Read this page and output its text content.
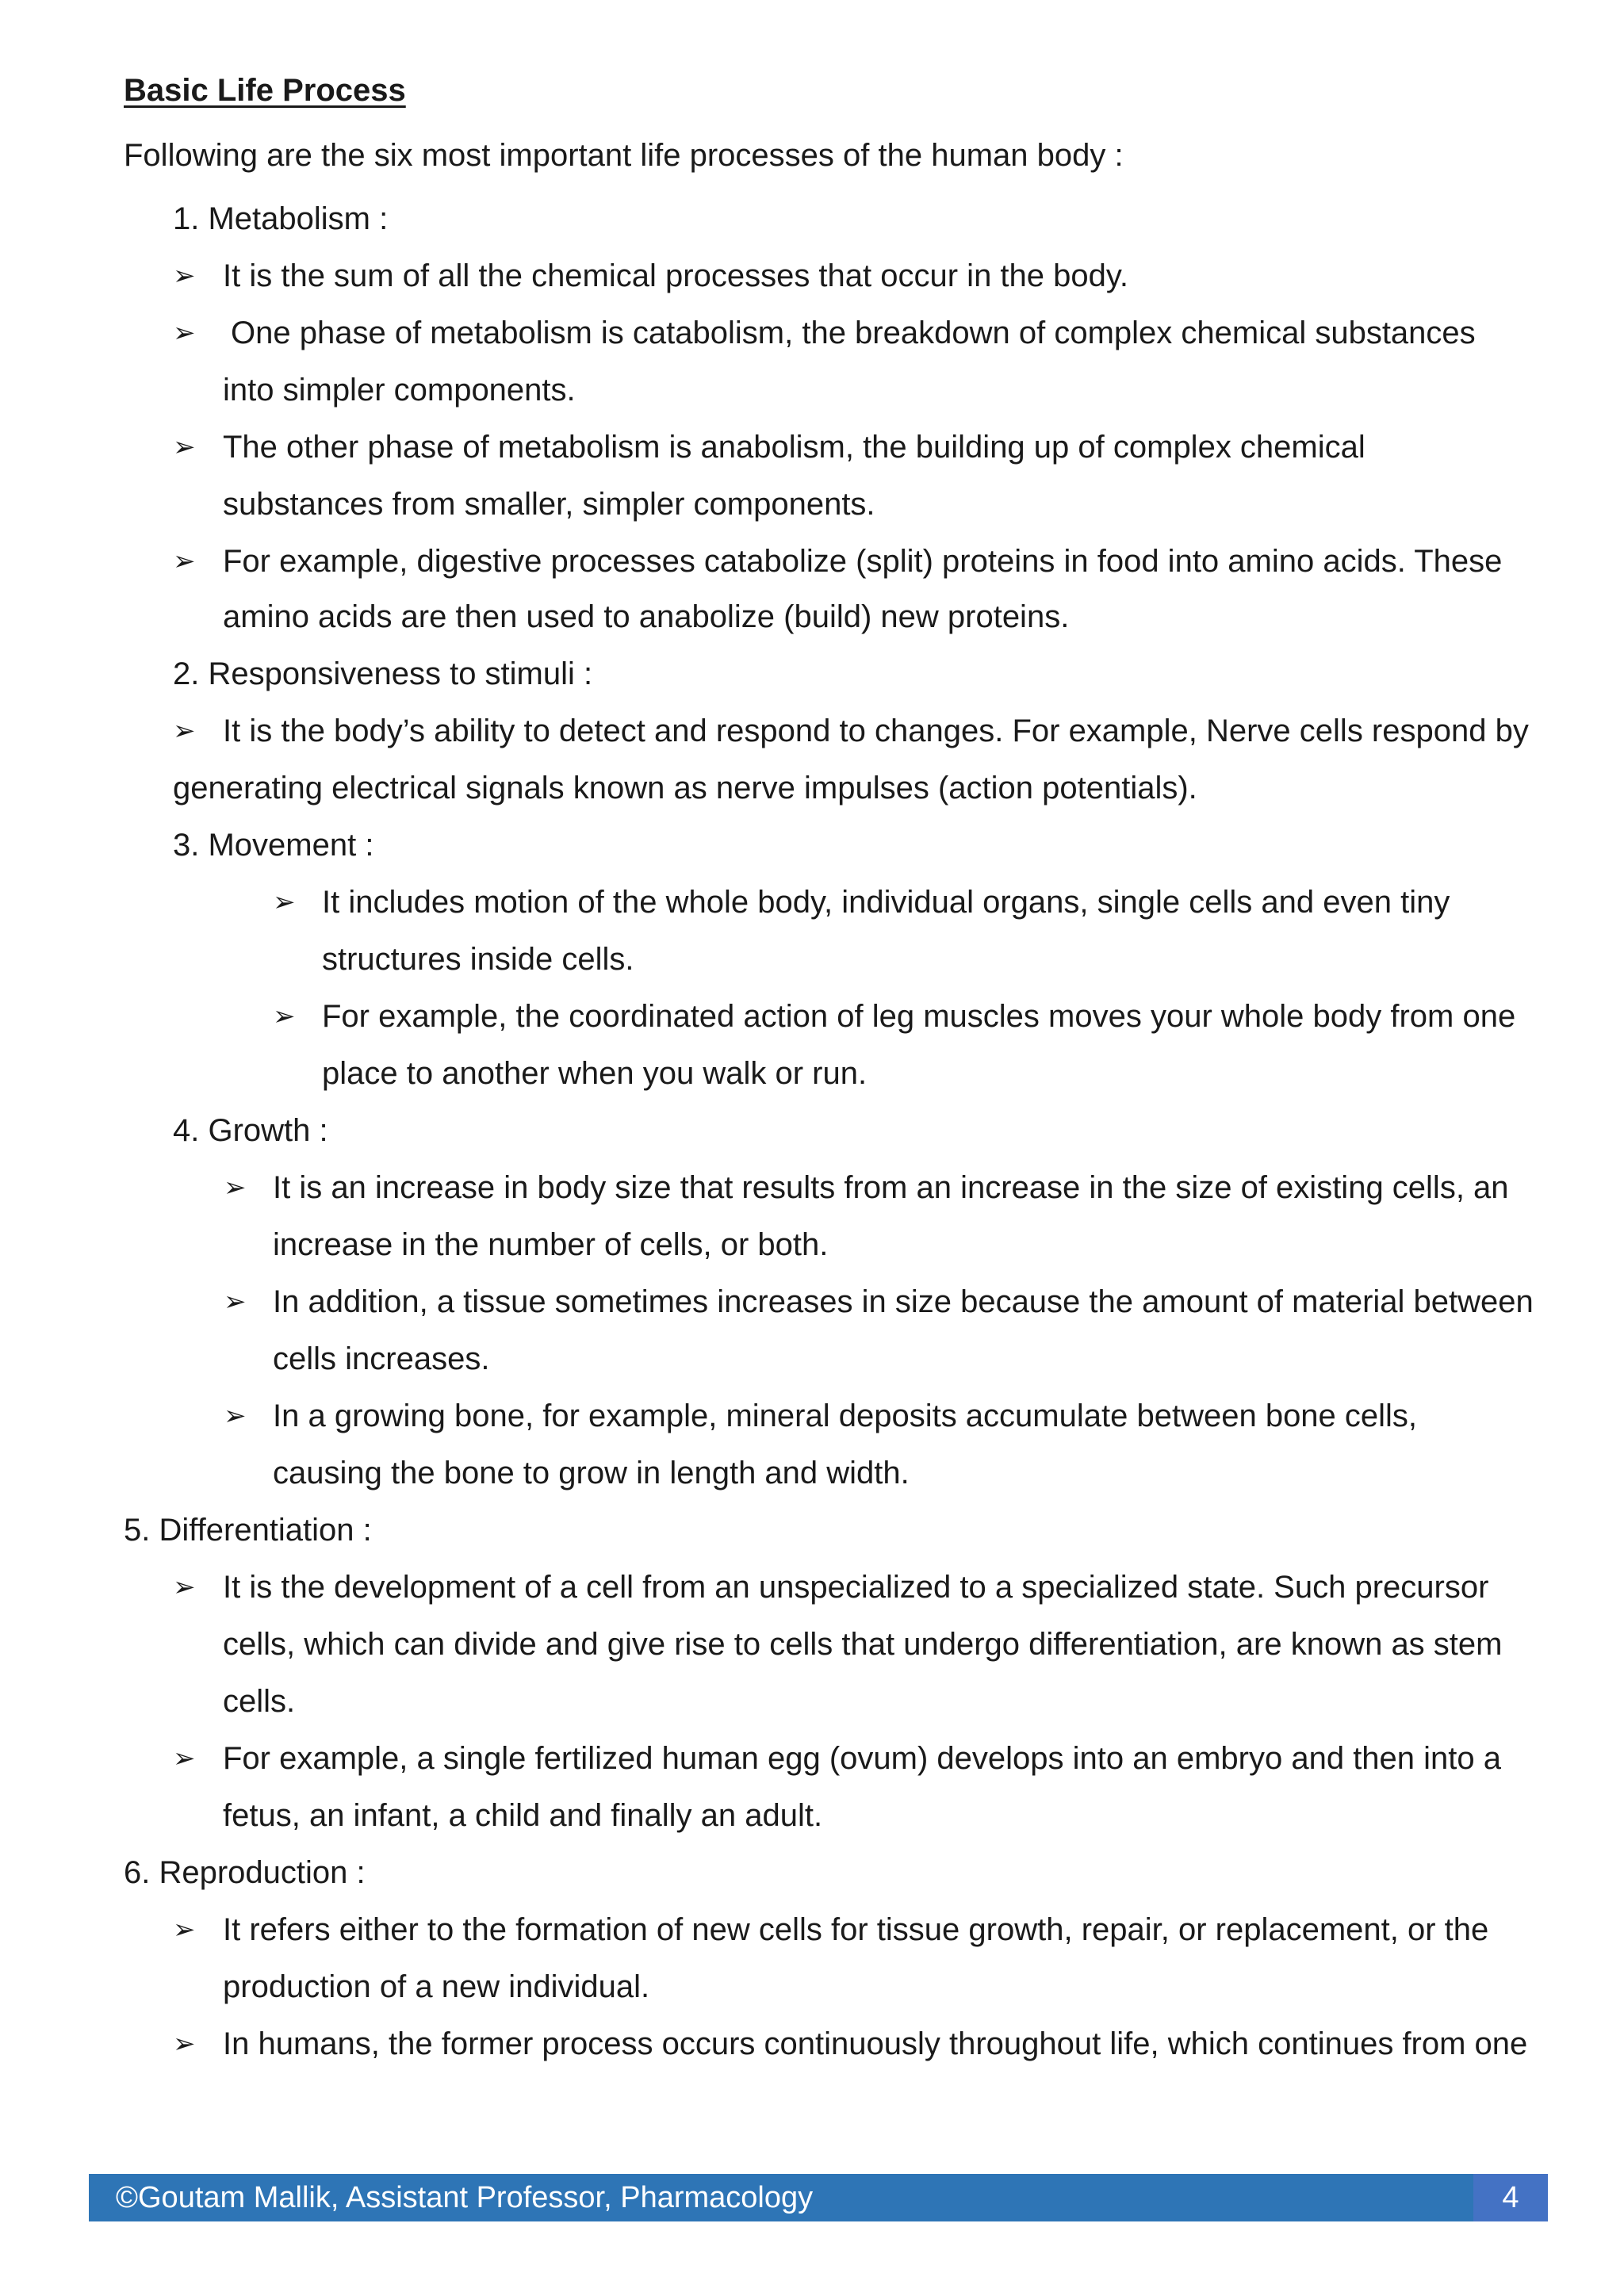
Basic Life Process
Following are the six most important life processes of the human body :
1. Metabolism :
➢ It is the sum of all the chemical processes that occur in the body.
➢ One phase of metabolism is catabolism, the breakdown of complex chemical substances
into simpler components.
➢ The other phase of metabolism is anabolism, the building up of complex chemical
substances from smaller, simpler components.
➢ For example, digestive processes catabolize (split) proteins in food into amino acids. These
amino acids are then used to anabolize (build) new proteins.
2. Responsiveness to stimuli :
➢ It is the body’s ability to detect and respond to changes. For example, Nerve cells respond by
generating electrical signals known as nerve impulses (action potentials).
3. Movement :
➢ It includes motion of the whole body, individual organs, single cells and even tiny
structures inside cells.
➢ For example, the coordinated action of leg muscles moves your whole body from one
place to another when you walk or run.
4. Growth :
➢ It is an increase in body size that results from an increase in the size of existing cells, an
increase in the number of cells, or both.
➢ In addition, a tissue sometimes increases in size because the amount of material between
cells increases.
➢ In a growing bone, for example, mineral deposits accumulate between bone cells,
causing the bone to grow in length and width.
5. Differentiation :
➢ It is the development of a cell from an unspecialized to a specialized state. Such precursor
cells, which can divide and give rise to cells that undergo differentiation, are known as stem
cells.
➢ For example, a single fertilized human egg (ovum) develops into an embryo and then into a
fetus, an infant, a child and finally an adult.
6. Reproduction :
➢ It refers either to the formation of new cells for tissue growth, repair, or replacement, or the
production of a new individual.
➢ In humans, the former process occurs continuously throughout life, which continues from one
©Goutam Mallik, Assistant Professor, Pharmacology	4
